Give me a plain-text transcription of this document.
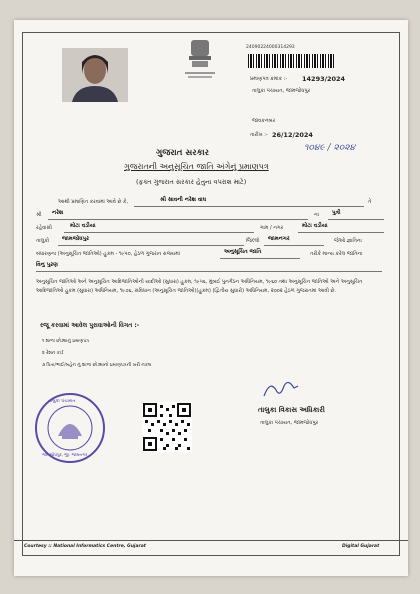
24090224000314293
પ્રમાણપત્ર ક્રમાંક :- 14293/2024
તાલુકા પંચાયત, જામજોધપુર
જાવકનંબર
તારીખ :- 26/12/2024
૧૦૪૯ / ૨૦૨૪
ગુજરાત સરકાર
ગુજરાતની અનુસૂચિત જાતિ અંગેનું પ્રમાણપત્ર
(ફક્ત ગુજરાત સરકાર હેતુના વપરાશ માટે)
આથી પ્રમાણિત કરવામાં આવે છે કે,	શ્રી સાવની નરેશ વાઘ	તે
શ્રી નરેશ	ના પુત્રી
રહેવાસી	મોટા વડીયા	ગામ / નગર	મોટા વડીયા
તાલુકો જામજોધપુર	જિલ્લો જામનગર	જેઓ જ્ઞાતિના
બંધારણના (અનુસૂચિત જાતિઓ) હુકમ - ૧૯૫૦, હેઠળ ગુજરાત રાજ્યમાં	અનુસૂચિત જાતિ	તરીકે માન્ય કરેલ જાતિના
વિનુ પુરણ
અનુસૂચિત જાતિઓ અને અનુસૂચિત આદિજાતિઓની યાદીઓ (સુધારા) હુકમ, ૧૯૫૬, મુંબઈ પુનર્ગઠન અધિનિયમ, ૧૯૬૦ તથા અનુસૂચિત જાતિઓ અને અનુસૂચિત આદિજાતિઓ હુકમ (સુધારા) અધિનિયમ, ૧૯૭૬, સંવિધાન (અનુસૂચિત જાતિઓ)(હુકમ) (દ્વિતીય સુધારો) અધિનિયમ, ૨૦૦૨ હેઠળ ગુજરાતમાં આવી છે.
રજૂ કરવામાં આવેલ પુરાવાઓની વિગત :-
૧ શાળા છોડ્યાનું પ્રમાણપત્ર
૨ રેશન કાર્ડ
૩ પિતા/ભાઈ/બહેન નું શાળા છોડ્યાનો પ્રમાણપત્રની ખરી નકલ
તાલુકા પંચાયત
જામજોધપુર, જી. જામનગર
તાલુકા વિકાસ અધિકારી
તાલુકા પંચાયત, જામજોધપુર
Courtesy :: National Informatics Centre, Gujarat	Digital Gujarat
